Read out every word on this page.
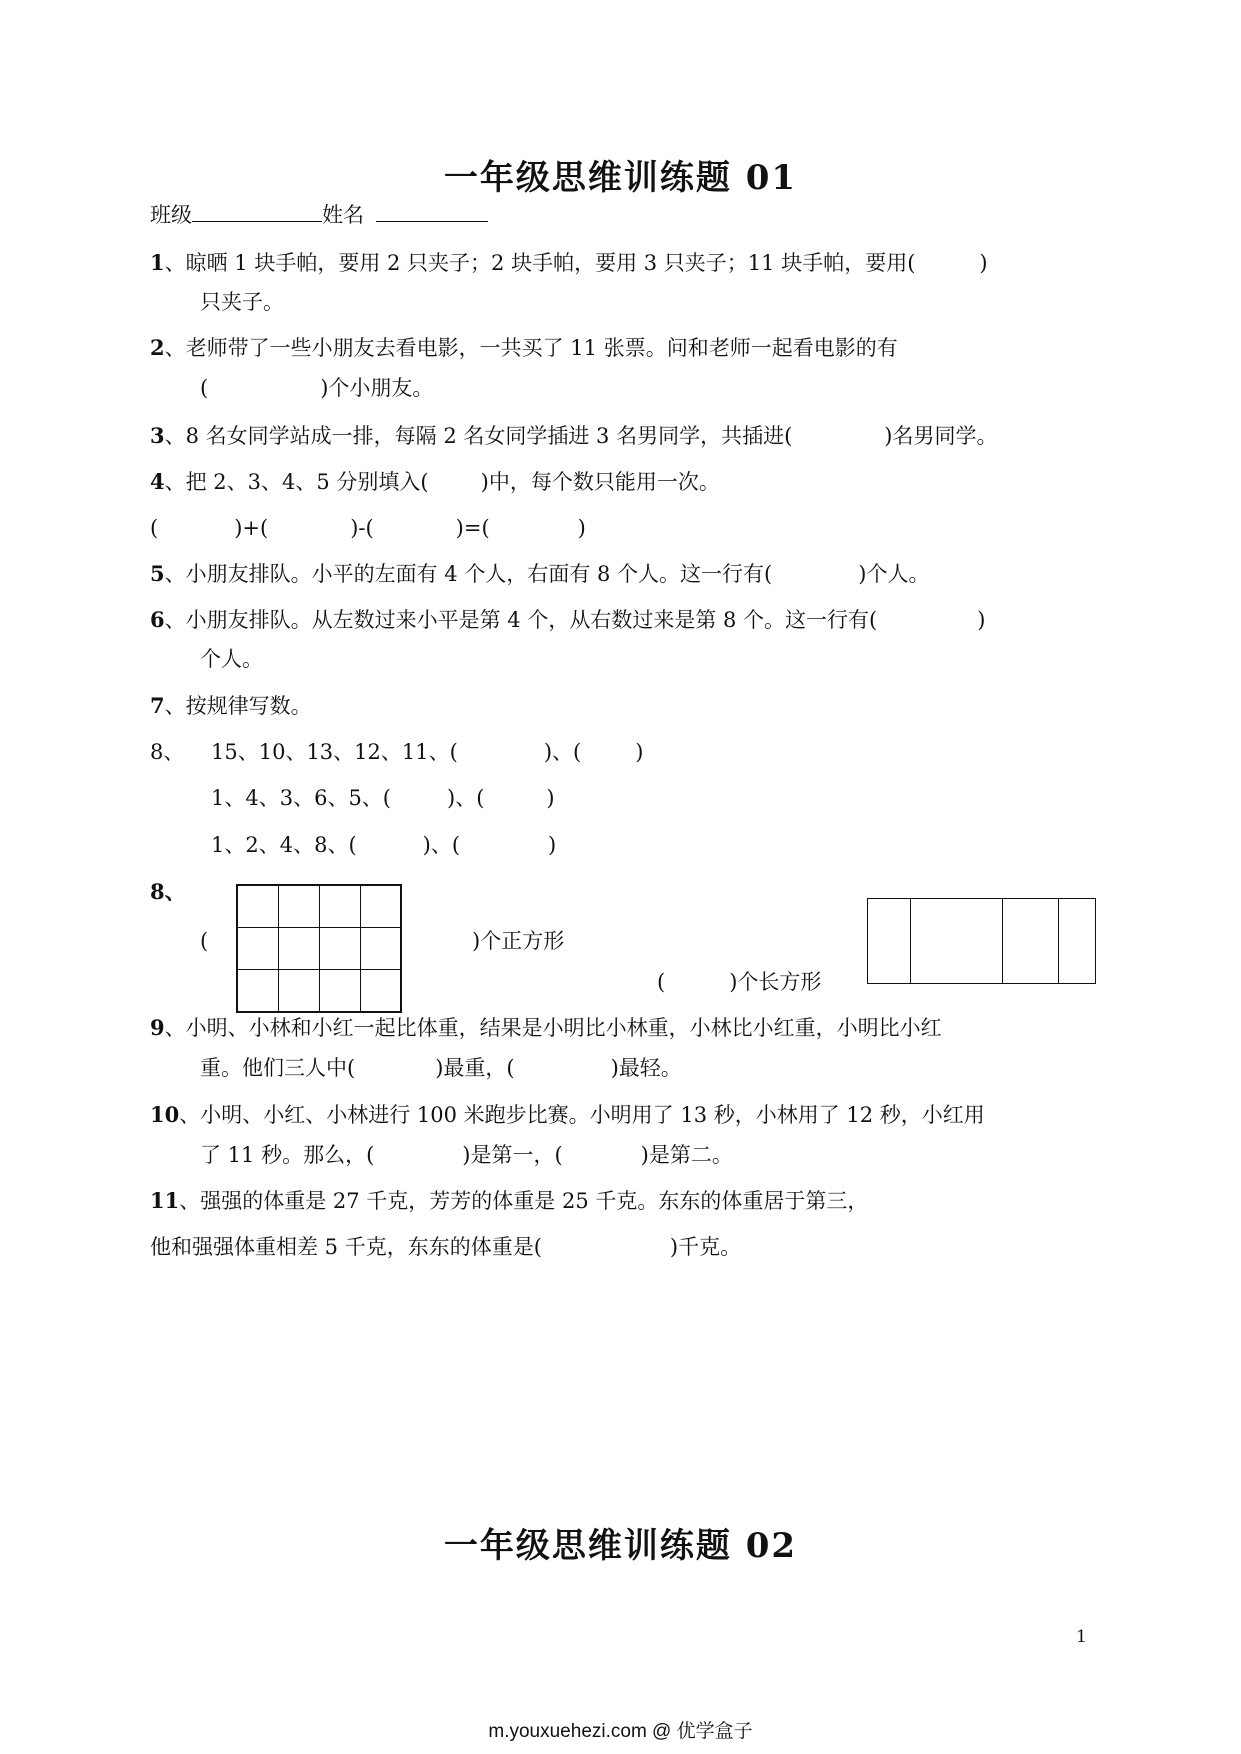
一年级思维训练题 01
班级	姓名
1、晾晒 1 块手帕，要用 2 只夹子；2 块手帕，要用 3 只夹子；11 块手帕，要用(	)
只夹子。
2、老师带了一些小朋友去看电影，一共买了 11 张票。问和老师一起看电影的有
(	)个小朋友。
3、8 名女同学站成一排，每隔 2 名女同学插进 3 名男同学，共插进(	)名男同学。
4、把 2、3、4、5 分别填入( )中，每个数只能用一次。
(	)+(	)-(	)=(	)
5、小朋友排队。小平的左面有 4 个人，右面有 8 个人。这一行有(	)个人。
6、小朋友排队。从左数过来小平是第 4 个，从右数过来是第 8 个。这一行有(	)
个人。
7、按规律写数。
8、 15、10、13、12、11、(	)、(	)
1、4、3、6、5、(	)、(	)
1、2、4、8、(	)、(	)
8、
(	)个正方形
(	)个长方形
9、小明、小林和小红一起比体重，结果是小明比小林重，小林比小红重，小明比小红
重。他们三人中(	)最重，(	)最轻。
10、小明、小红、小林进行 100 米跑步比赛。小明用了 13 秒，小林用了 12 秒，小红用
了 11 秒。那么，(	)是第一，(	)是第二。
11、强强的体重是 27 千克，芳芳的体重是 25 千克。东东的体重居于第三，
他和强强体重相差 5 千克，东东的体重是(	)千克。
一年级思维训练题 02
1
m.youxuehezi.com @ 优学盒子
